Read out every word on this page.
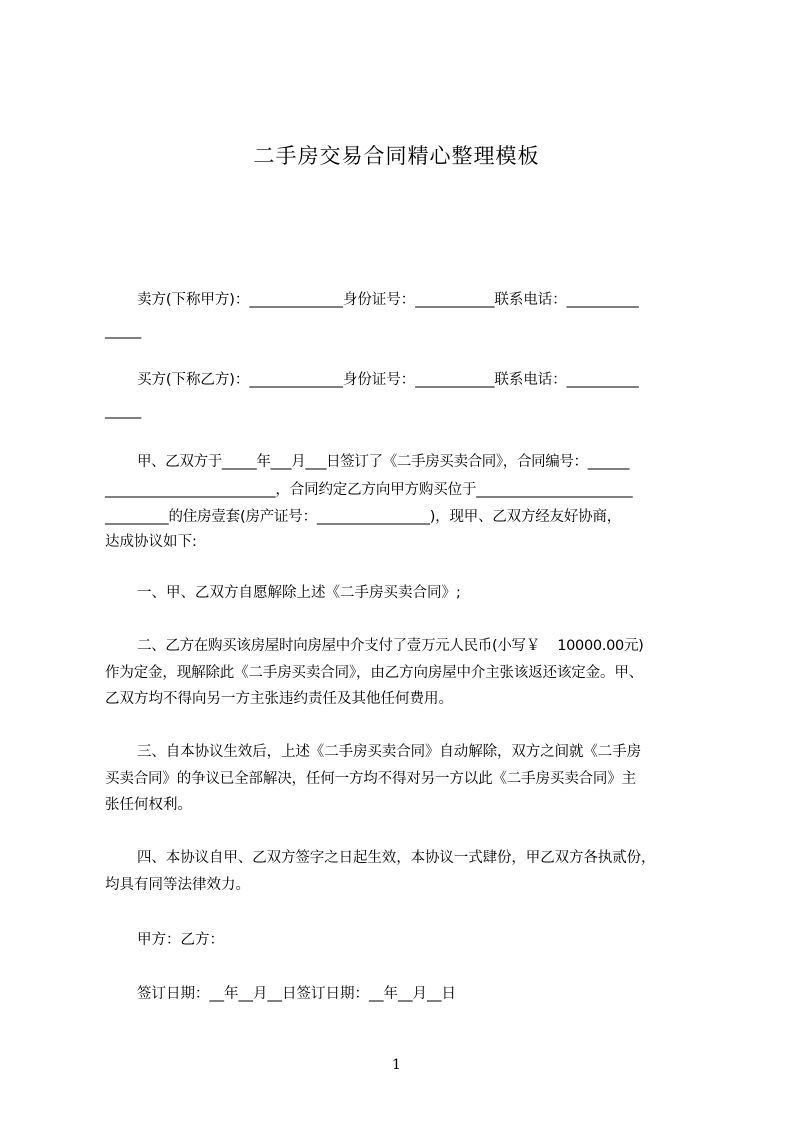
二手房交易合同精心整理模板
卖方(下称甲方)：_____________身份证号：___________联系电话：__________
_____
买方(下称乙方)：_____________身份证号：___________联系电话：__________
_____
甲、乙双方于_____年___月___日签订了《二手房买卖合同》，合同编号：______
________________________，合同约定乙方向甲方购买位于______________________
_________的住房壹套(房产证号：________________)，现甲、乙双方经友好协商，
达成协议如下:
一、甲、乙双方自愿解除上述《二手房买卖合同》;
二、乙方在购买该房屋时向房屋中介支付了壹万元人民币(小写￥    10000.00元)
作为定金，现解除此《二手房买卖合同》，由乙方向房屋中介主张该返还该定金。甲、
乙双方均不得向另一方主张违约责任及其他任何费用。
三、自本协议生效后，上述《二手房买卖合同》自动解除，双方之间就《二手房
买卖合同》的争议已全部解决，任何一方均不得对另一方以此《二手房买卖合同》主
张任何权利。
四、本协议自甲、乙双方签字之日起生效，本协议一式肆份，甲乙双方各执贰份，
均具有同等法律效力。
甲方：乙方：
签订日期：__年__月__日签订日期：__年__月__日
1
